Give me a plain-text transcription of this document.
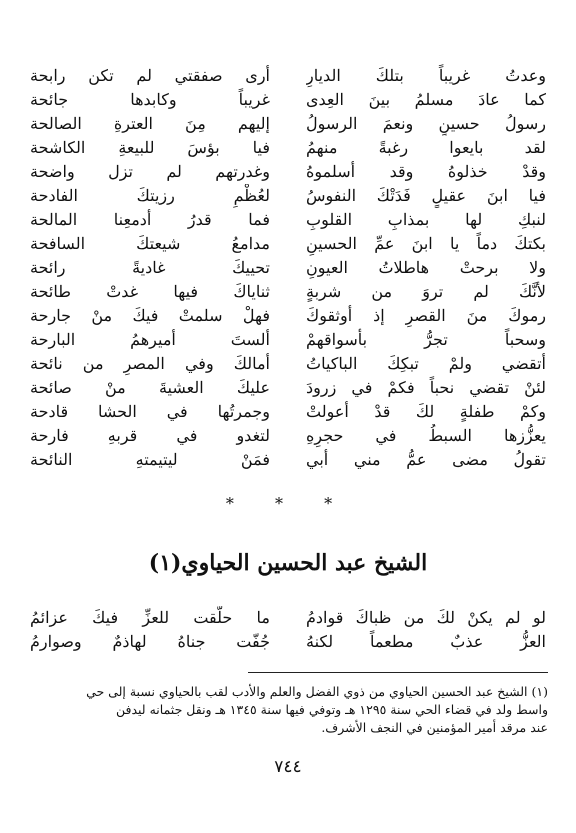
وعدتُ غريباً بتلكَ الديارِ
أرى صفقتي لم تكن رابحة
كما عادَ مسلمُ بينَ العِدى
غريباً وكابدها جائحة
رسولُ حسينٍ ونعمَ الرسولُ
إليهم مِنَ العترةِ الصالحة
لقد بايعوا رغبةً منهمُ
فيا بؤسَ للبيعةِ الكاشحة
وقدْ خذلوهُ وقد أسلموهُ
وغدرتهم لم تزل واضحة
فيا ابنَ عقيلٍ فَدَتْكَ النفوسُ
لعُظْمِ رزيتكَ الفادحة
لنبكِ لها بمذابِ القلوبِ
فما قدرُ أدمعِنا المالحة
بكتكَ دماً يا ابنَ عمِّ الحسينِ
مدامعُ شيعتكَ السافحة
ولا برحتْ هاطلاتُ العيونِ
تحييكَ غاديةً رائحة
لأنَّكَ لم تروَ من شربةٍ
ثناياكَ فيها غدتْ طائحة
رموكَ منَ القصرِ إذ أوثقوكَ
فهلْ سلمتْ فيكَ منْ جارحة
وسحباً تجرُّ بأسواقهمْ
ألستَ أميرهمُ البارحة
أتقضي ولمْ تبكِكَ الباكياتُ
أمالكَ وفي المصرِ من نائحة
لئنْ تقضي نحباً فكمْ في زرودَ
عليكَ العشيةَ منْ صائحة
وكمْ طفلةٍ لكَ قدْ أعولتْ
وجمرتُها في الحشا قادحة
يعزُّزها السبطُ في حجرِهِ
لتغدو في قربهِ فارحة
تقولُ مضى عمُّ مني أبي
فمَنْ ليتيمتهِ النائحة
* * *
الشيخ عبد الحسين الحياوي(١)
لو لم يكنْ لكَ من ظباكَ قوادمُ
ما حلّقت للعزِّ فيكَ عزائمُ
العزُّ عذبٌ مطعماً لكنهُ
جُفّت جناهُ لهاذمٌ وصوارمُ
(١) الشيخ عبد الحسين الحياوي من ذوي الفضل والعلم والأدب لقب بالحياوي نسبة إلى حي
واسط ولد في قضاء الحي سنة ١٢٩٥ هـ وتوفي فيها سنة ١٣٤٥ هـ ونقل جثمانه ليدفن
عند مرقد أمير المؤمنين في النجف الأشرف.
٧٤٤
